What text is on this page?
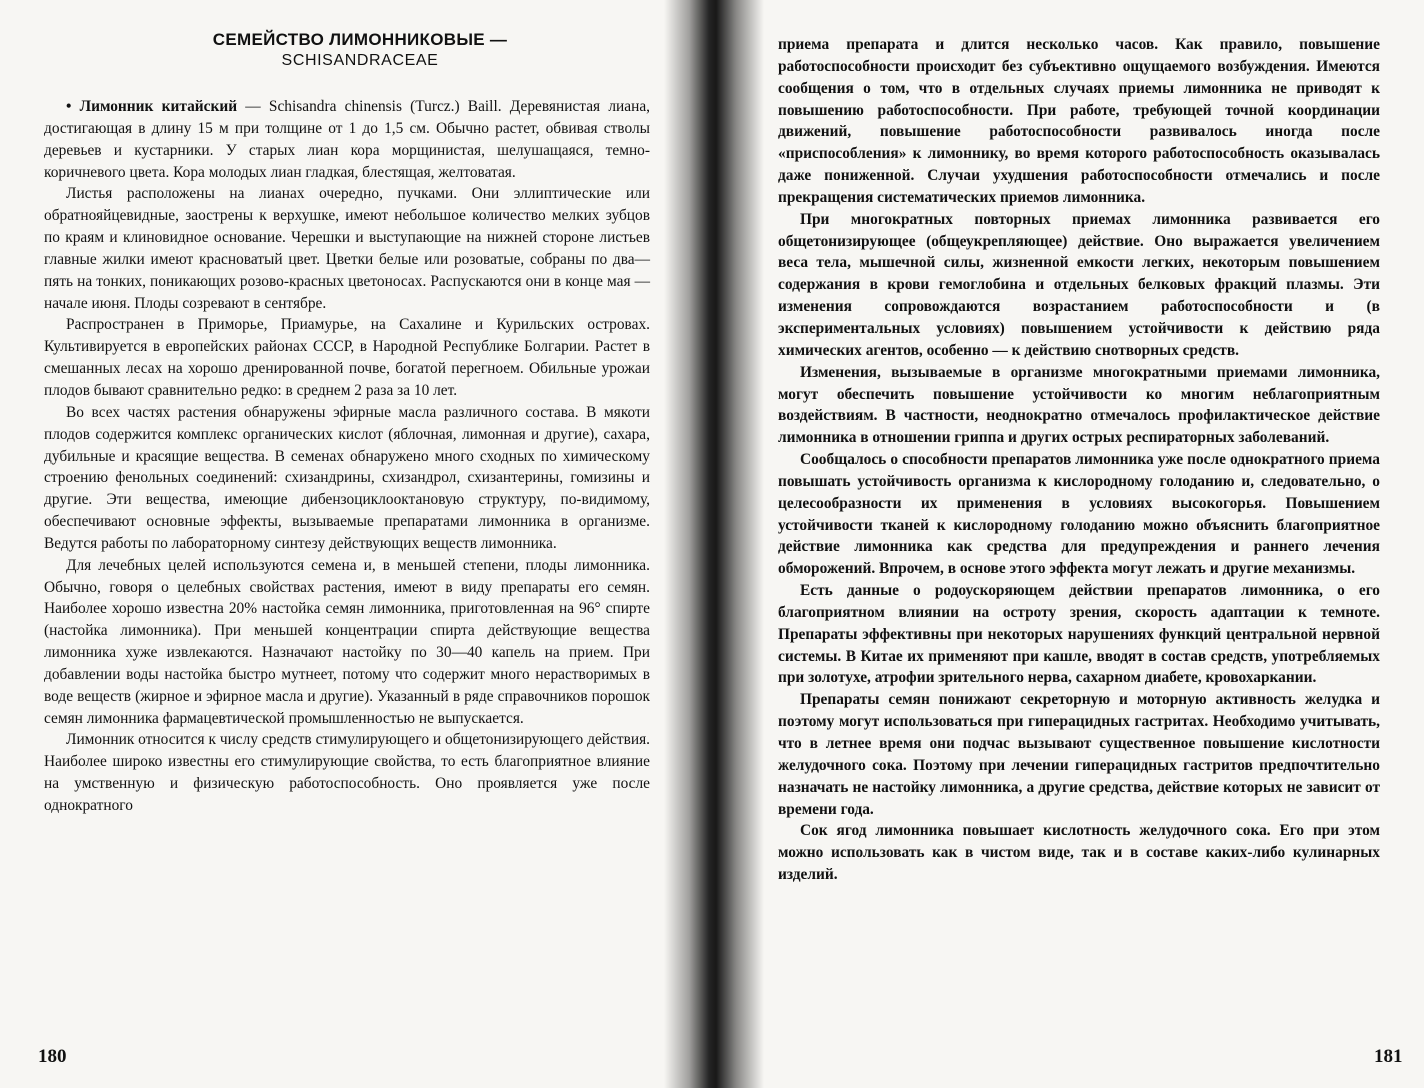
СЕМЕЙСТВО ЛИМОННИКОВЫЕ —
SCHISANDRACEAE

• Лимонник китайский — Schisandra chinensis (Turcz.) Baill. Деревянистая лиана, достигающая в длину 15 м при толщине от 1 до 1,5 см. Обычно растет, обвивая стволы деревьев и кустарники. У старых лиан кора морщинистая, шелушащаяся, темно-коричневого цвета. Кора молодых лиан гладкая, блестящая, желтоватая.

Листья расположены на лианах очередно, пучками. Они эллиптические или обратнояйцевидные, заострены к верхушке, имеют небольшое количество мелких зубцов по краям и клиновидное основание. Черешки и выступающие на нижней стороне листьев главные жилки имеют красноватый цвет. Цветки белые или розоватые, собраны по два—пять на тонких, поникающих розово-красных цветоносах. Распускаются они в конце мая — начале июня. Плоды созревают в сентябре.

Распространен в Приморье, Приамурье, на Сахалине и Курильских островах. Культивируется в европейских районах СССР, в Народной Республике Болгарии. Растет в смешанных лесах на хорошо дренированной почве, богатой перегноем. Обильные урожаи плодов бывают сравнительно редко: в среднем 2 раза за 10 лет.

Во всех частях растения обнаружены эфирные масла различного состава. В мякоти плодов содержится комплекс органических кислот (яблочная, лимонная и другие), сахара, дубильные и красящие вещества. В семенах обнаружено много сходных по химическому строению фенольных соединений: схизандрины, схизандрол, схизантерины, гомизины и другие. Эти вещества, имеющие дибензоциклооктановую структуру, по-видимому, обеспечивают основные эффекты, вызываемые препаратами лимонника в организме. Ведутся работы по лабораторному синтезу действующих веществ лимонника.

Для лечебных целей используются семена и, в меньшей степени, плоды лимонника. Обычно, говоря о целебных свойствах растения, имеют в виду препараты его семян. Наиболее хорошо известна 20% настойка семян лимонника, приготовленная на 96° спирте (настойка лимонника). При меньшей концентрации спирта действующие вещества лимонника хуже извлекаются. Назначают настойку по 30—40 капель на прием. При добавлении воды настойка быстро мутнеет, потому что содержит много нерастворимых в воде веществ (жирное и эфирное масла и другие). Указанный в ряде справочников порошок семян лимонника фармацевтической промышленностью не выпускается.

Лимонник относится к числу средств стимулирующего и общетонизирующего действия. Наиболее широко известны его стимулирующие свойства, то есть благоприятное влияние на умственную и физическую работоспособность. Оно проявляется уже после однократного

180

приема препарата и длится несколько часов. Как правило, повышение работоспособности происходит без субъективно ощущаемого возбуждения. Имеются сообщения о том, что в отдельных случаях приемы лимонника не приводят к повышению работоспособности. При работе, требующей точной координации движений, повышение работоспособности развивалось иногда после «приспособления» к лимоннику, во время которого работоспособность оказывалась даже пониженной. Случаи ухудшения работоспособности отмечались и после прекращения систематических приемов лимонника.

При многократных повторных приемах лимонника развивается его общетонизирующее (общеукрепляющее) действие. Оно выражается увеличением веса тела, мышечной силы, жизненной емкости легких, некоторым повышением содержания в крови гемоглобина и отдельных белковых фракций плазмы. Эти изменения сопровождаются возрастанием работоспособности и (в экспериментальных условиях) повышением устойчивости к действию ряда химических агентов, особенно — к действию снотворных средств.

Изменения, вызываемые в организме многократными приемами лимонника, могут обеспечить повышение устойчивости ко многим неблагоприятным воздействиям. В частности, неоднократно отмечалось профилактическое действие лимонника в отношении гриппа и других острых респираторных заболеваний.

Сообщалось о способности препаратов лимонника уже после однократного приема повышать устойчивость организма к кислородному голоданию и, следовательно, о целесообразности их применения в условиях высокогорья. Повышением устойчивости тканей к кислородному голоданию можно объяснить благоприятное действие лимонника как средства для предупреждения и раннего лечения обморожений. Впрочем, в основе этого эффекта могут лежать и другие механизмы.

Есть данные о родоускоряющем действии препаратов лимонника, о его благоприятном влиянии на остроту зрения, скорость адаптации к темноте. Препараты эффективны при некоторых нарушениях функций центральной нервной системы. В Китае их применяют при кашле, вводят в состав средств, употребляемых при золотухе, атрофии зрительного нерва, сахарном диабете, кровохаркании.

Препараты семян понижают секреторную и моторную активность желудка и поэтому могут использоваться при гиперацидных гастритах. Необходимо учитывать, что в летнее время они подчас вызывают существенное повышение кислотности желудочного сока. Поэтому при лечении гиперацидных гастритов предпочтительно назначать не настойку лимонника, а другие средства, действие которых не зависит от времени года.

Сок ягод лимонника повышает кислотность желудочного сока. Его при этом можно использовать как в чистом виде, так и в составе каких-либо кулинарных изделий.

181
